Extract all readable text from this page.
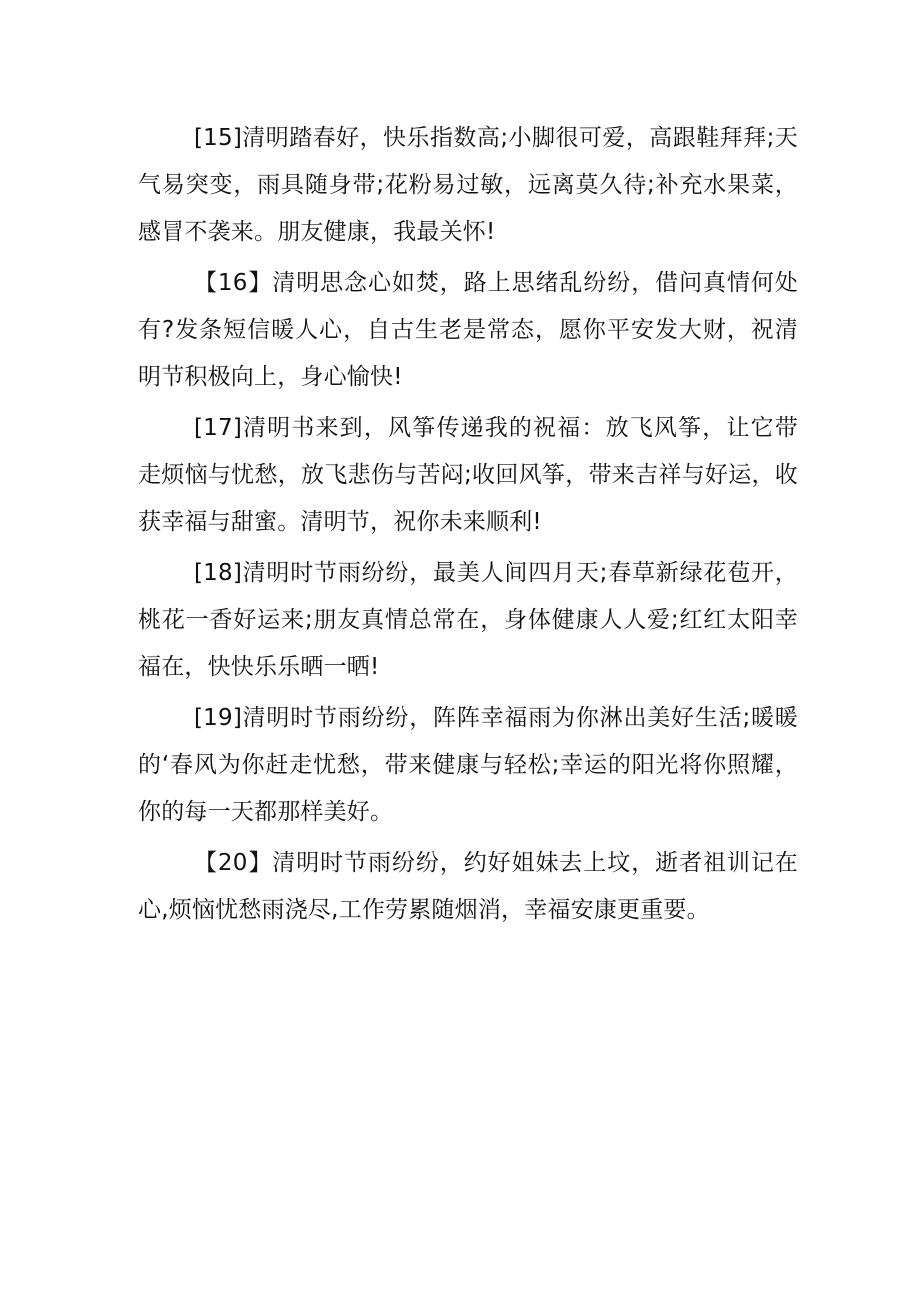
[15]清明踏春好，快乐指数高;小脚很可爱，高跟鞋拜拜;天气易突变，雨具随身带;花粉易过敏，远离莫久待;补充水果菜，感冒不袭来。朋友健康，我最关怀!

【16】清明思念心如焚，路上思绪乱纷纷，借问真情何处有?发条短信暖人心，自古生老是常态，愿你平安发大财，祝清明节积极向上，身心愉快!

[17]清明书来到，风筝传递我的祝福：放飞风筝，让它带走烦恼与忧愁，放飞悲伤与苦闷;收回风筝，带来吉祥与好运，收获幸福与甜蜜。清明节，祝你未来顺利!

[18]清明时节雨纷纷，最美人间四月天;春草新绿花苞开，桃花一香好运来;朋友真情总常在，身体健康人人爱;红红太阳幸福在，快快乐乐晒一晒!

[19]清明时节雨纷纷，阵阵幸福雨为你淋出美好生活;暖暖的‘春风为你赶走忧愁，带来健康与轻松;幸运的阳光将你照耀，你的每一天都那样美好。

【20】清明时节雨纷纷，约好姐妹去上坟，逝者祖训记在心,烦恼忧愁雨浇尽,工作劳累随烟消，幸福安康更重要。
